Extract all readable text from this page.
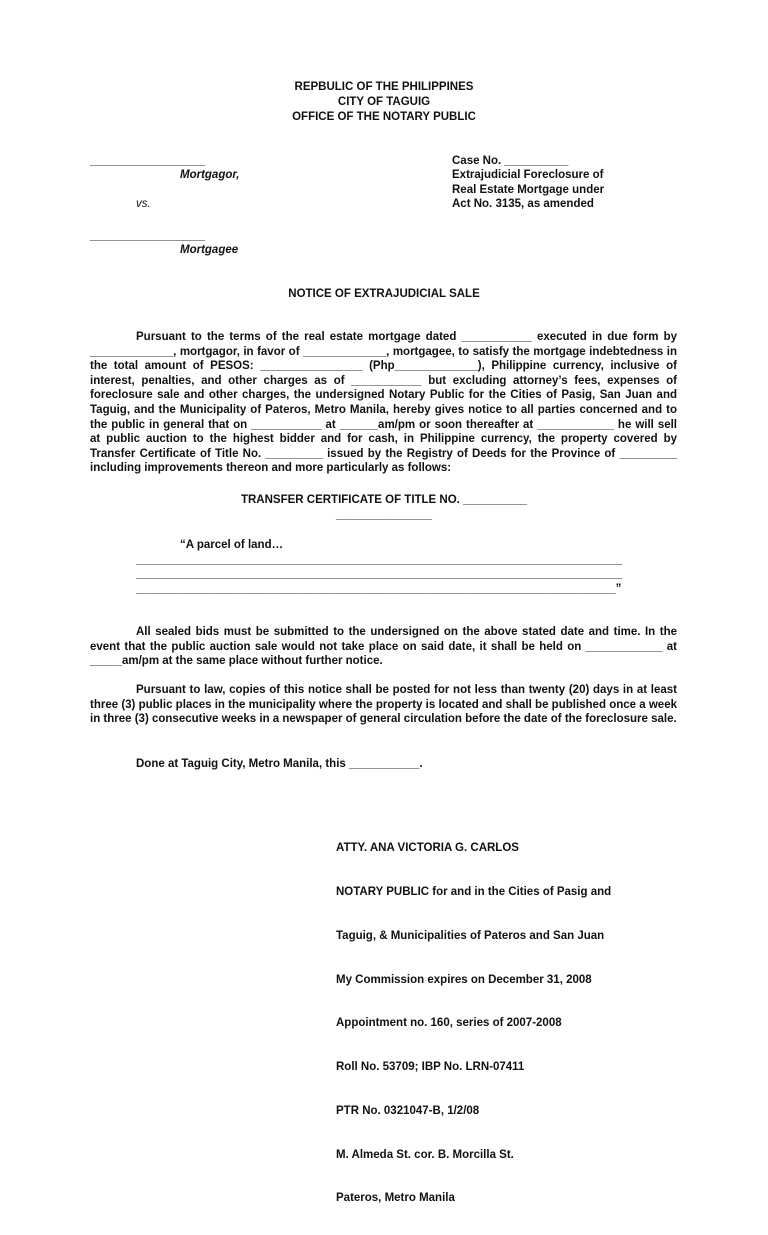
REPBULIC OF THE PHILIPPINES
CITY OF TAGUIG
OFFICE OF THE NOTARY PUBLIC
__________________
Mortgagor,
vs.
__________________
Mortgagee
Case No. __________
Extrajudicial Foreclosure of
Real Estate Mortgage under
Act No. 3135, as amended
NOTICE OF EXTRAJUDICIAL SALE
Pursuant to the terms of the real estate mortgage dated ___________ executed in due form by _____________, mortgagor, in favor of _____________, mortgagee, to satisfy the mortgage indebtedness in the total amount of PESOS: ________________ (Php_____________), Philippine currency, inclusive of interest, penalties, and other charges as of ___________ but excluding attorney’s fees, expenses of foreclosure sale and other charges, the undersigned Notary Public for the Cities of Pasig, San Juan and Taguig, and the Municipality of Pateros, Metro Manila, hereby gives notice to all parties concerned and to the public in general that on ___________ at ______am/pm or soon thereafter at ____________ he will sell at public auction to the highest bidder and for cash, in Philippine currency, the property covered by Transfer Certificate of Title No. _________ issued by the Registry of Deeds for the Province of _________ including improvements thereon and more particularly as follows:
TRANSFER CERTIFICATE OF TITLE NO. __________
_______________
“A parcel of land…
____________________________________________________________________________
____________________________________________________________________________
___________________________________________________________________________”
All sealed bids must be submitted to the undersigned on the above stated date and time. In the event that the public auction sale would not take place on said date, it shall be held on ____________ at _____am/pm at the same place without further notice.
Pursuant to law, copies of this notice shall be posted for not less than twenty (20) days in at least three (3) public places in the municipality where the property is located and shall be published once a week in three (3) consecutive weeks in a newspaper of general circulation before the date of the foreclosure sale.
Done at Taguig City, Metro Manila, this ___________.

ATTY. ANA VICTORIA G. CARLOS

NOTARY PUBLIC for and in the Cities of Pasig and

Taguig, & Municipalities of Pateros and San Juan

My Commission expires on December 31, 2008

Appointment no. 160, series of 2007-2008

Roll No. 53709; IBP No. LRN-07411

PTR No. 0321047-B, 1/2/08

M. Almeda St. cor. B. Morcilla St.

Pateros, Metro Manila
